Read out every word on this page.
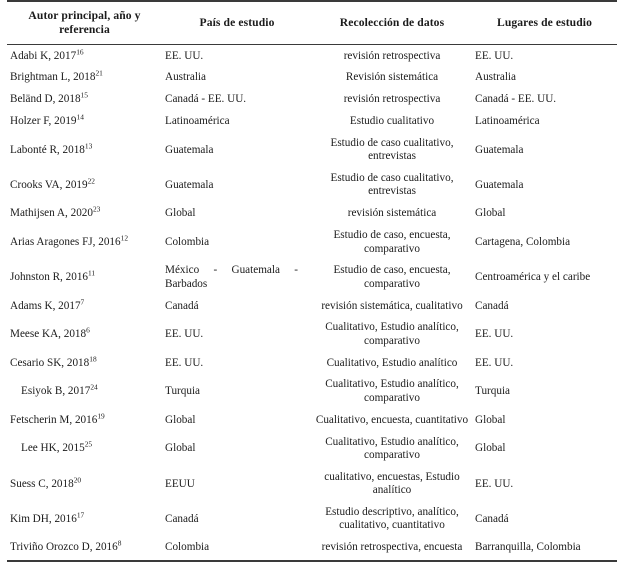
Autor principal, año y
referencia	País de estudio	Recolección de datos	Lugares de estudio
Adabi K, 2017$^{16}$	EE. UU.	revisión retrospectiva	EE. UU.
Brightman L, 2018$^{21}$	Australia	Revisión sistemática	Australia
Beländ D, 2018$^{15}$	Canadá - EE. UU.	revisión retrospectiva	Canadá - EE. UU.
Holzer F, 2019$^{14}$	Latinoamérica	Estudio cualitativo	Latinoamérica
Labonté R, 2018$^{13}$	Guatemala	Estudio de caso cualitativo, entrevistas	Guatemala
Crooks VA, 2019$^{22}$	Guatemala	Estudio de caso cualitativo, entrevistas	Guatemala
Mathijsen A, 2020$^{23}$	Global	revisión sistemática	Global
Arias Aragones FJ, 2016$^{12}$	Colombia	Estudio de caso, encuesta, comparativo	Cartagena, Colombia
Johnston R, 2016$^{11}$	México - Guatemala - Barbados	Estudio de caso, encuesta, comparativo	Centroamérica y el caribe
Adams K, 2017$^7$	Canadá	revisión sistemática, cualitativo	Canadá
Meese KA, 2018$^6$	EE. UU.	Cualitativo, Estudio analítico, comparativo	EE. UU.
Cesario SK, 2018$^{18}$	EE. UU.	Cualitativo, Estudio analítico	EE. UU.
Esiyok B, 2017$^{24}$	Turquia	Cualitativo, Estudio analítico, comparativo	Turquia
Fetscherin M, 2016$^{19}$	Global	Cualitativo, encuesta, cuantitativo	Global
Lee HK, 2015$^{25}$	Global	Cualitativo, Estudio analítico, comparativo	Global
Suess C, 2018$^{20}$	EEUU	cualitativo, encuestas, Estudio analítico	EE. UU.
Kim DH, 2016$^{17}$	Canadá	Estudio descriptivo, analítico, cualitativo, cuantitativo	Canadá
Triviño Orozco D, 2016$^8$	Colombia	revisión retrospectiva, encuesta	Barranquilla, Colombia
